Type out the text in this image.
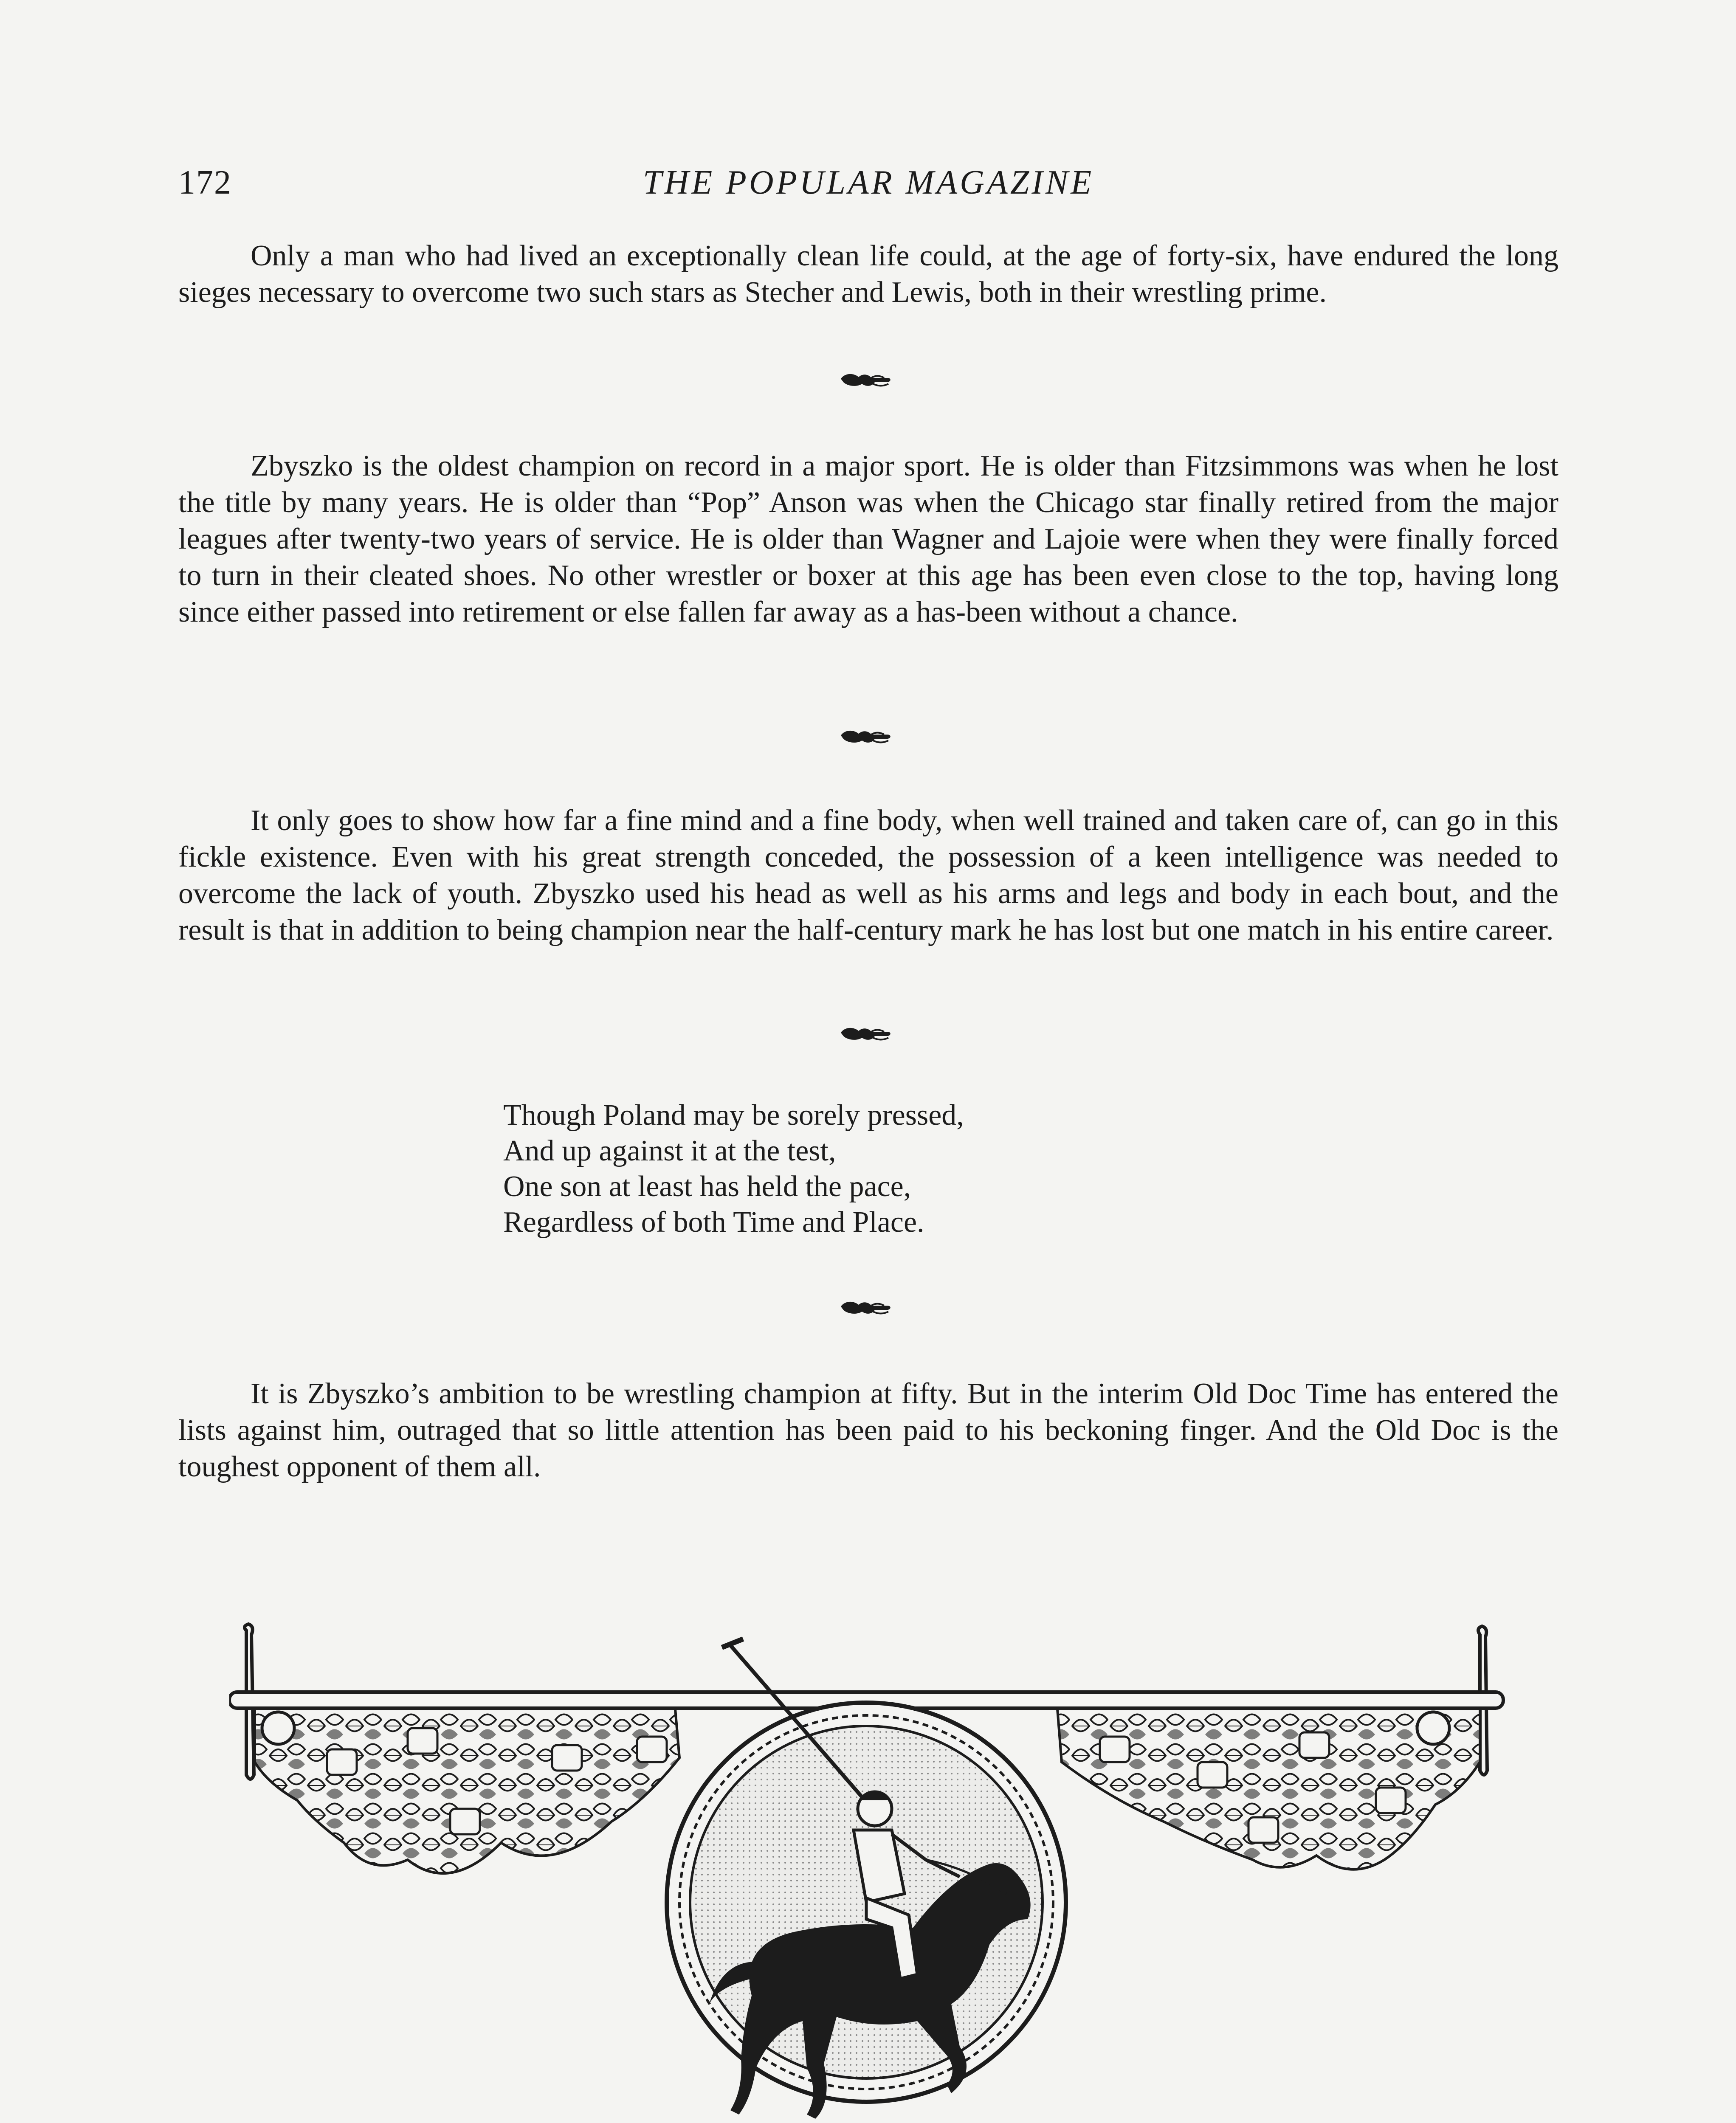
172	THE POPULAR MAGAZINE

Only a man who had lived an exceptionally clean life could, at the age of forty-six, have endured the long sieges necessary to overcome two such stars as Stecher and Lewis, both in their wrestling prime.

Zbyszko is the oldest champion on record in a major sport. He is older than Fitzsimmons was when he lost the title by many years. He is older than “Pop” Anson was when the Chicago star finally retired from the major leagues after twenty-two years of service. He is older than Wagner and Lajoie were when they were finally forced to turn in their cleated shoes. No other wrestler or boxer at this age has been even close to the top, having long since either passed into retirement or else fallen far away as a has-been without a chance.

It only goes to show how far a fine mind and a fine body, when well trained and taken care of, can go in this fickle existence. Even with his great strength conceded, the possession of a keen intelligence was needed to overcome the lack of youth. Zbyszko used his head as well as his arms and legs and body in each bout, and the result is that in addition to being champion near the half-century mark he has lost but one match in his entire career.

Though Poland may be sorely pressed,
And up against it at the test,
One son at least has held the pace,
Regardless of both Time and Place.

It is Zbyszko’s ambition to be wrestling champion at fifty. But in the interim Old Doc Time has entered the lists against him, outraged that so little attention has been paid to his beckoning finger. And the Old Doc is the toughest opponent of them all.
